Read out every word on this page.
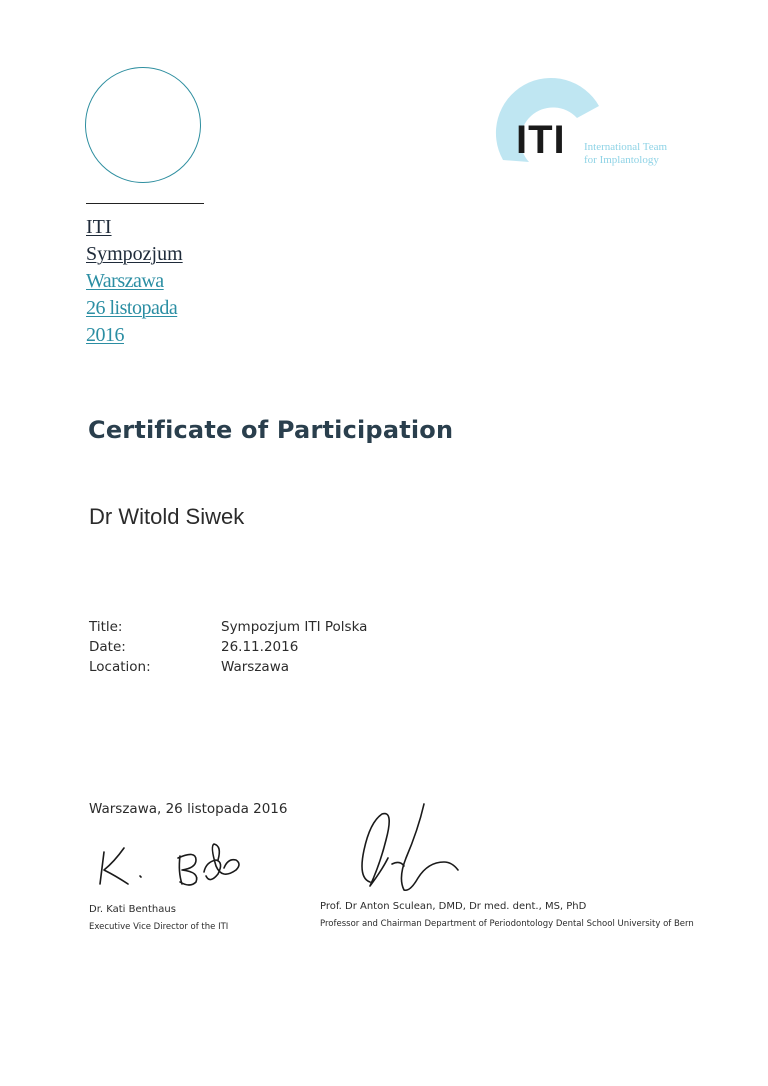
ITI
Sympozjum
Warszawa
26 listopada
2016
ITI International Team
for Implantology
Certificate of Participation
Dr Witold Siwek
Title:	Sympozjum ITI Polska
Date:	26.11.2016
Location:	Warszawa
Warszawa, 26 listopada 2016
Dr. Kati Benthaus
Executive Vice Director of the ITI
Prof. Dr Anton Sculean, DMD, Dr med. dent., MS, PhD
Professor and Chairman Department of Periodontology Dental School University of Bern
